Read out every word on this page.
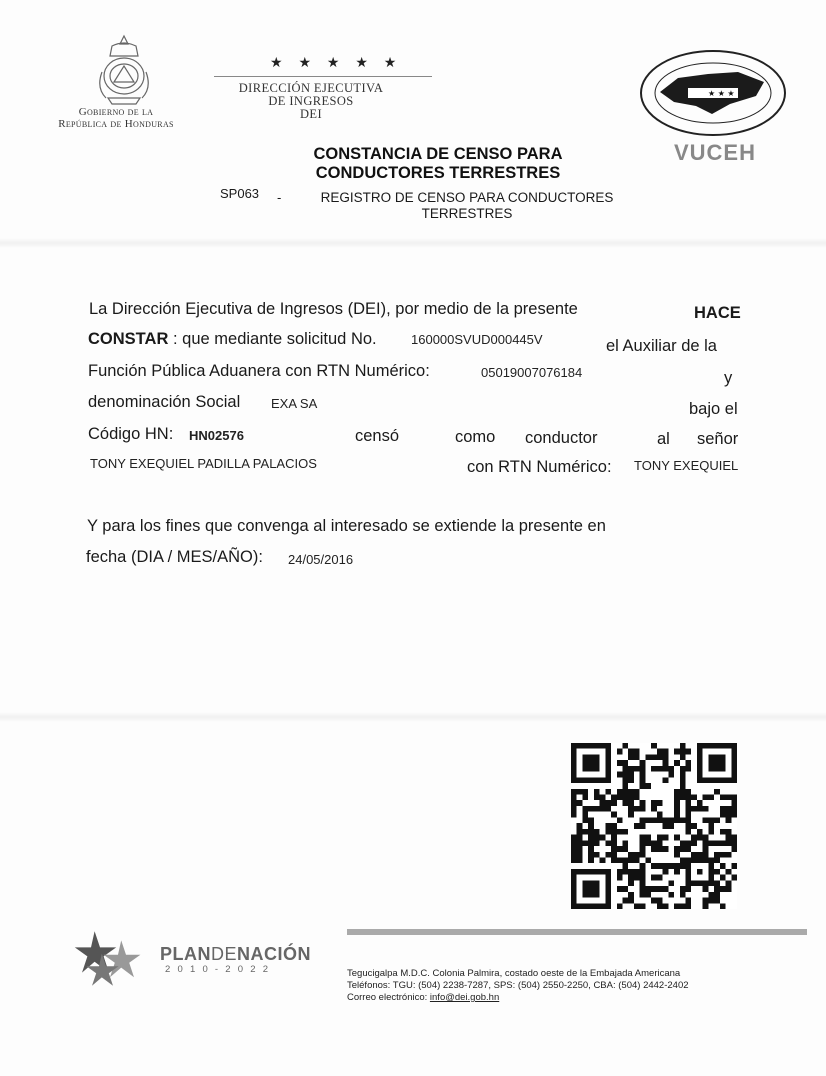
Gobierno de la
República de Honduras
★ ★ ★ ★ ★
DIRECCIÓN EJECUTIVA
DE INGRESOS
DEI
★ ★ ★
VUCEH
CONSTANCIA DE CENSO PARA
CONDUCTORES TERRESTRES
SP063 -	REGISTRO DE CENSO PARA CONDUCTORES
TERRESTRES
La Dirección Ejecutiva de Ingresos (DEI), por medio de la presente	HACE
CONSTAR : que mediante solicitud No.	160000SVUD000445V	el Auxiliar de la
Función Pública Aduanera con RTN Numérico:	05019007076184	y
denominación Social EXA SA	bajo el
Código HN: HN02576	censó	como conductor	al señor
TONY EXEQUIEL PADILLA PALACIOS	con RTN Numérico: TONY EXEQUIEL
Y para los fines que convenga al interesado se extiende la presente en
fecha (DIA / MES/AÑO): 24/05/2016
PLANDENACIÓN
2010-2022	Tegucigalpa M.D.C. Colonia Palmira, costado oeste de la Embajada Americana
Teléfonos: TGU: (504) 2238-7287, SPS: (504) 2550-2250, CBA: (504) 2442-2402
Correo electrónico: info@dei.gob.hn
